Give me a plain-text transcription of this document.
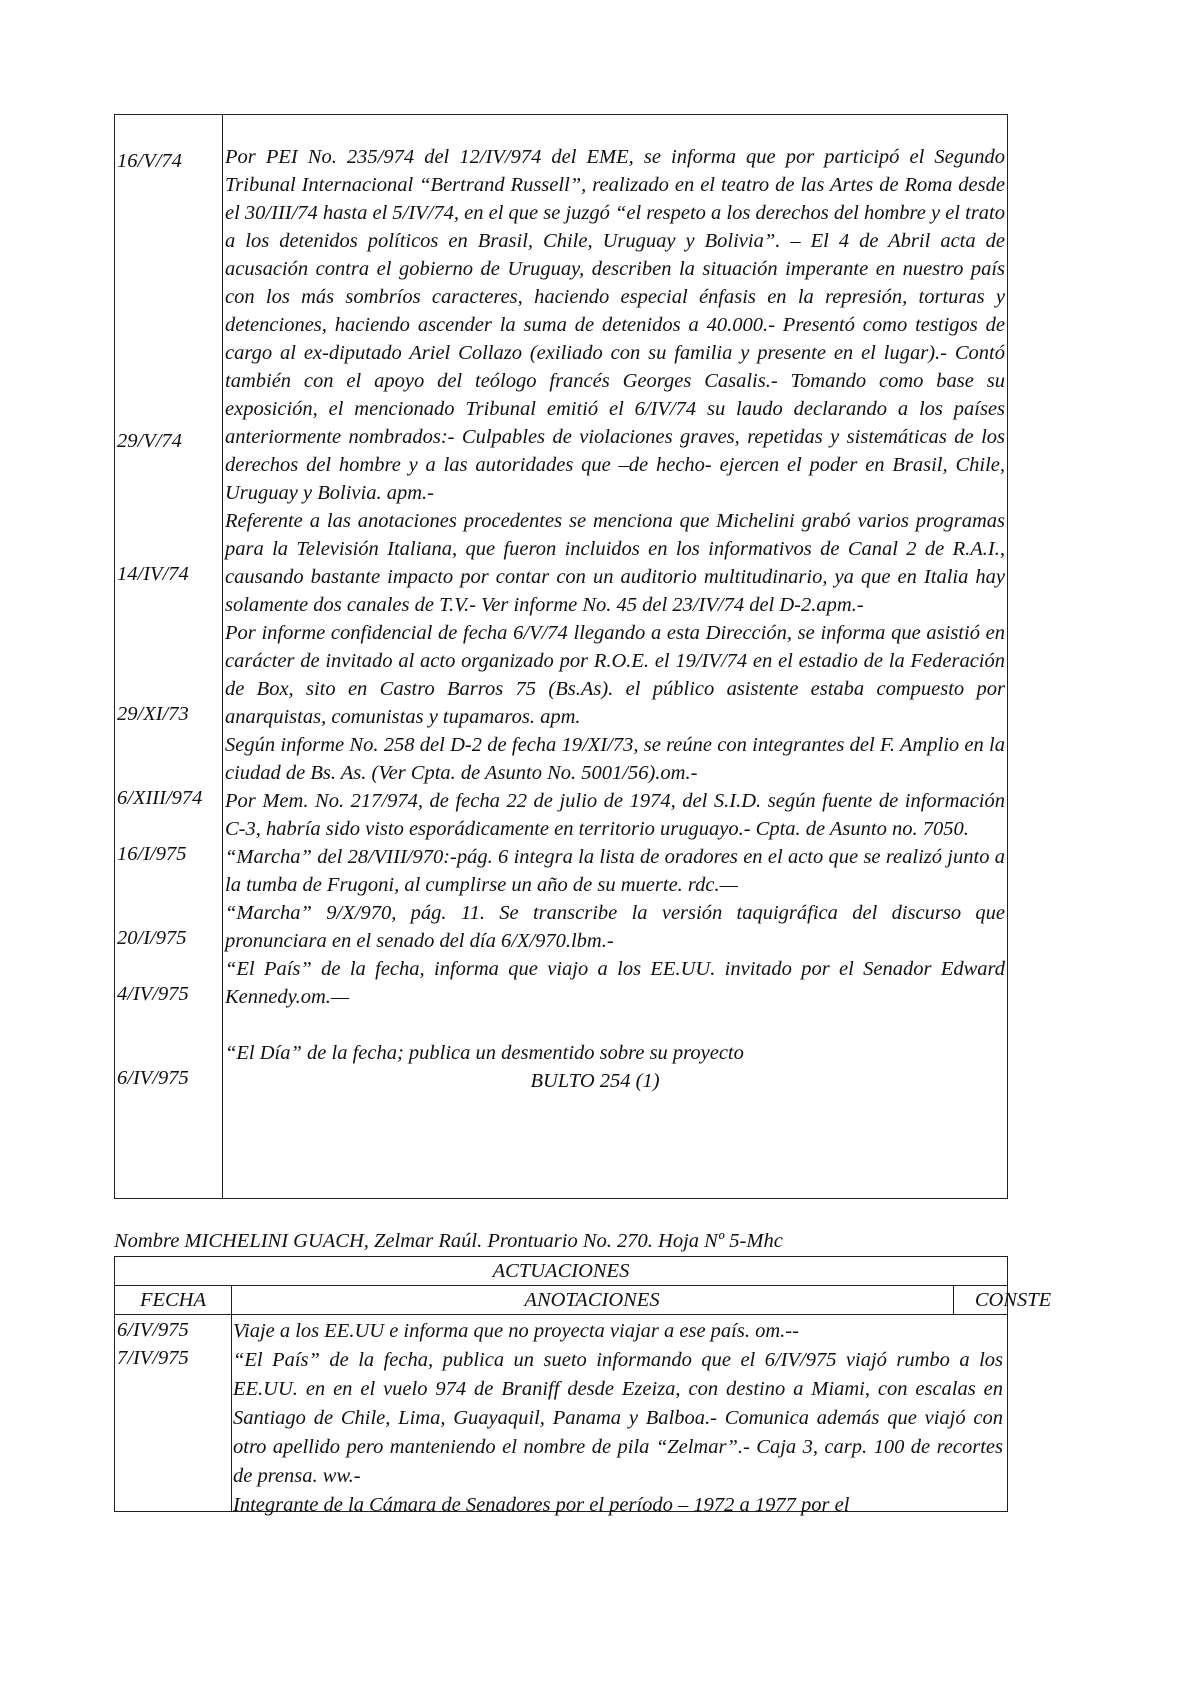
16/V/74
29/V/74
14/IV/74
29/XI/73
6/XIII/974
16/I/975
20/I/975
4/IV/975
6/IV/975

Por PEI No. 235/974 del 12/IV/974 del EME, se informa que por participó el Segundo Tribunal Internacional “Bertrand Russell”, realizado en el teatro de las Artes de Roma desde el 30/III/74 hasta el 5/IV/74, en el que se juzgó “el respeto a los derechos del hombre y el trato a los detenidos políticos en Brasil, Chile, Uruguay y Bolivia”. – El 4 de Abril acta de acusación contra el gobierno de Uruguay, describen la situación imperante en nuestro país con los más sombríos caracteres, haciendo especial énfasis en la represión, torturas y detenciones, haciendo ascender la suma de detenidos a 40.000.- Presentó como testigos de cargo al ex-diputado Ariel Collazo (exiliado con su familia y presente en el lugar).- Contó también con el apoyo del teólogo francés Georges Casalis.- Tomando como base su exposición, el mencionado Tribunal emitió el 6/IV/74 su laudo declarando a los países anteriormente nombrados:- Culpables de violaciones graves, repetidas y sistemáticas de los derechos del hombre y a las autoridades que –de hecho- ejercen el poder en Brasil, Chile, Uruguay y Bolivia. apm.-

Referente a las anotaciones procedentes se menciona que Michelini grabó varios programas para la Televisión Italiana, que fueron incluidos en los informativos de Canal 2 de R.A.I., causando bastante impacto por contar con un auditorio multitudinario, ya que en Italia hay solamente dos canales de T.V.- Ver informe No. 45 del 23/IV/74 del D-2.apm.-

Por informe confidencial de fecha 6/V/74 llegando a esta Dirección, se informa que asistió en carácter de invitado al acto organizado por R.O.E. el 19/IV/74 en el estadio de la Federación de Box, sito en Castro Barros 75 (Bs.As). el público asistente estaba compuesto por anarquistas, comunistas y tupamaros. apm.

Según informe No. 258 del D-2 de fecha 19/XI/73, se reúne con integrantes del F. Amplio en la ciudad de Bs. As. (Ver Cpta. de Asunto No. 5001/56).om.-

Por Mem. No. 217/974, de fecha 22 de julio de 1974, del S.I.D. según fuente de información C-3, habría sido visto esporádicamente en territorio uruguayo.- Cpta. de Asunto no. 7050.

“Marcha” del 28/VIII/970:-pág. 6 integra la lista de oradores en el acto que se realizó junto a la tumba de Frugoni, al cumplirse un año de su muerte. rdc.—

“Marcha” 9/X/970, pág. 11. Se transcribe la versión taquigráfica del discurso que pronunciara en el senado del día 6/X/970.lbm.-

“El País” de la fecha, informa que viajo a los EE.UU. invitado por el Senador Edward Kennedy.om.—

“El Día” de la fecha; publica un desmentido sobre su proyecto

BULTO 254 (1)

Nombre MICHELINI GUACH, Zelmar Raúl. Prontuario No. 270. Hoja Nº 5-Mhc
ACTUACIONES
FECHA	ANOTACIONES	CONSTE
6/IV/975
7/IV/975

Viaje a los EE.UU e informa que no proyecta viajar a ese país. om.--

“El País” de la fecha, publica un sueto informando que el 6/IV/975 viajó rumbo a los EE.UU. en en el vuelo 974 de Braniff desde Ezeiza, con destino a Miami, con escalas en Santiago de Chile, Lima, Guayaquil, Panama y Balboa.- Comunica además que viajó con otro apellido pero manteniendo el nombre de pila “Zelmar”.- Caja 3, carp. 100 de recortes de prensa. ww.-

Integrante de la Cámara de Senadores por el período – 1972 a 1977 por el
